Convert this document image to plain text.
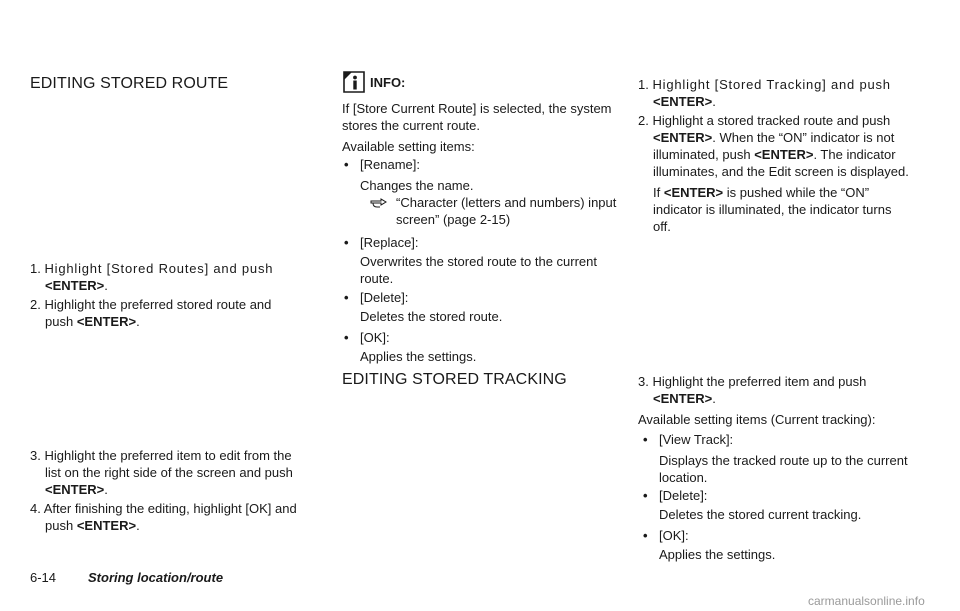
EDITING STORED ROUTE
1. Highlight [Stored Routes] and push
<ENTER>.
2. Highlight the preferred stored route and
push <ENTER>.
3. Highlight the preferred item to edit from the
list on the right side of the screen and push
<ENTER>.
4. After finishing the editing, highlight [OK] and
push <ENTER>.
INFO:
If [Store Current Route] is selected, the system
stores the current route.
Available setting items:
• [Rename]:
Changes the name.
“Character (letters and numbers) input
screen” (page 2-15)
• [Replace]:
Overwrites the stored route to the current
route.
• [Delete]:
Deletes the stored route.
• [OK]:
Applies the settings.
EDITING STORED TRACKING
1. Highlight [Stored Tracking] and push
<ENTER>.
2. Highlight a stored tracked route and push
<ENTER>. When the “ON” indicator is not
illuminated, push <ENTER>. The indicator
illuminates, and the Edit screen is displayed.
If <ENTER> is pushed while the “ON”
indicator is illuminated, the indicator turns
off.
3. Highlight the preferred item and push
<ENTER>.
Available setting items (Current tracking):
• [View Track]:
Displays the tracked route up to the current
location.
• [Delete]:
Deletes the stored current tracking.
• [OK]:
Applies the settings.
6-14 Storing location/route
carmanualsonline.info
